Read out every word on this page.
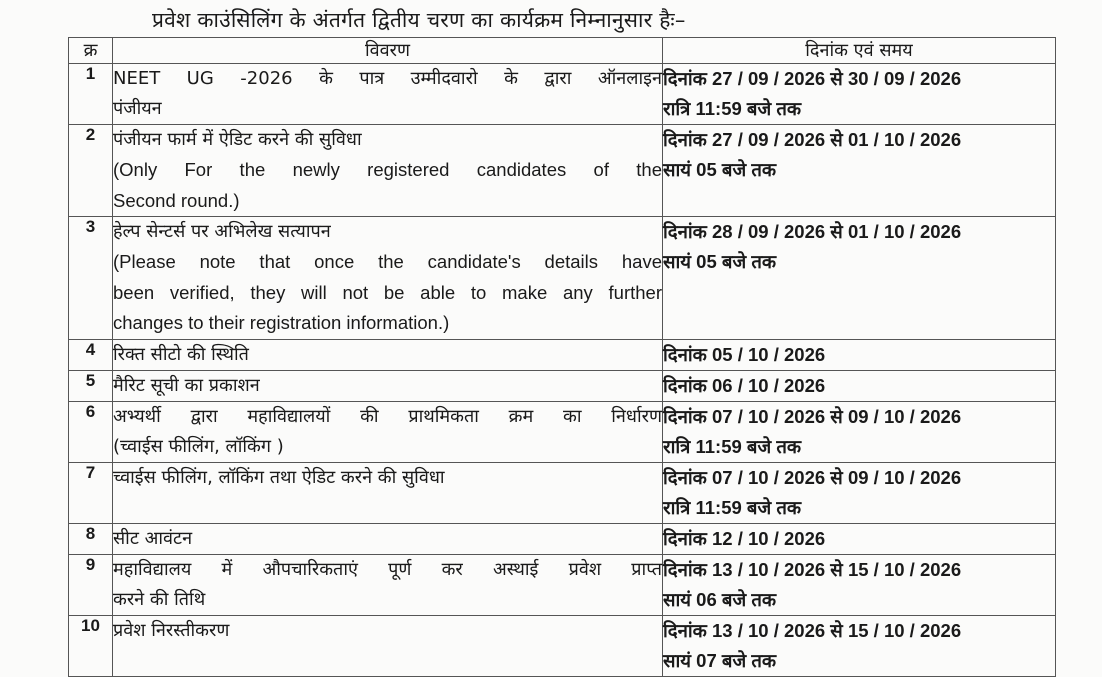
प्रवेश काउंसिलिंग के अंतर्गत द्वितीय चरण का कार्यक्रम निम्नानुसार हैः–
क्र	विवरण	दिनांक एवं समय
1	NEET UG -2026 के पात्र उम्मीदवारो के द्वारा ऑनलाइन
पंजीयन	दिनांक 27 / 09 / 2026 से 30 / 09 / 2026
रात्रि 11:59 बजे तक

2	पंजीयन फार्म में ऐडिट करने की सुविधा
(Only For the newly registered candidates of the
Second round.)	दिनांक 27 / 09 / 2026 से 01 / 10 / 2026
सायं 05 बजे तक

3	हेल्प सेन्टर्स पर अभिलेख सत्यापन
(Please note that once the candidate's details have
been verified, they will not be able to make any further
changes to their registration information.)	दिनांक 28 / 09 / 2026 से 01 / 10 / 2026
सायं 05 बजे तक

4	रिक्त सीटो की स्थिति	दिनांक 05 / 10 / 2026

5	मैरिट सूची का प्रकाशन	दिनांक 06 / 10 / 2026

6	अभ्यर्थी द्वारा महाविद्यालयों की प्राथमिकता क्रम का निर्धारण
(च्वाईस फीलिंग, लॉकिंग )	दिनांक 07 / 10 / 2026 से 09 / 10 / 2026
रात्रि 11:59 बजे तक

7	च्वाईस फीलिंग, लॉकिंग तथा ऐडिट करने की सुविधा	दिनांक 07 / 10 / 2026 से 09 / 10 / 2026
रात्रि 11:59 बजे तक

8	सीट आवंटन	दिनांक 12 / 10 / 2026

9	महाविद्यालय में औपचारिकताएं पूर्ण कर अस्थाई प्रवेश प्राप्त
करने की तिथि	दिनांक 13 / 10 / 2026 से 15 / 10 / 2026
सायं 06 बजे तक

10	प्रवेश निरस्तीकरण	दिनांक 13 / 10 / 2026 से 15 / 10 / 2026
सायं 07 बजे तक
